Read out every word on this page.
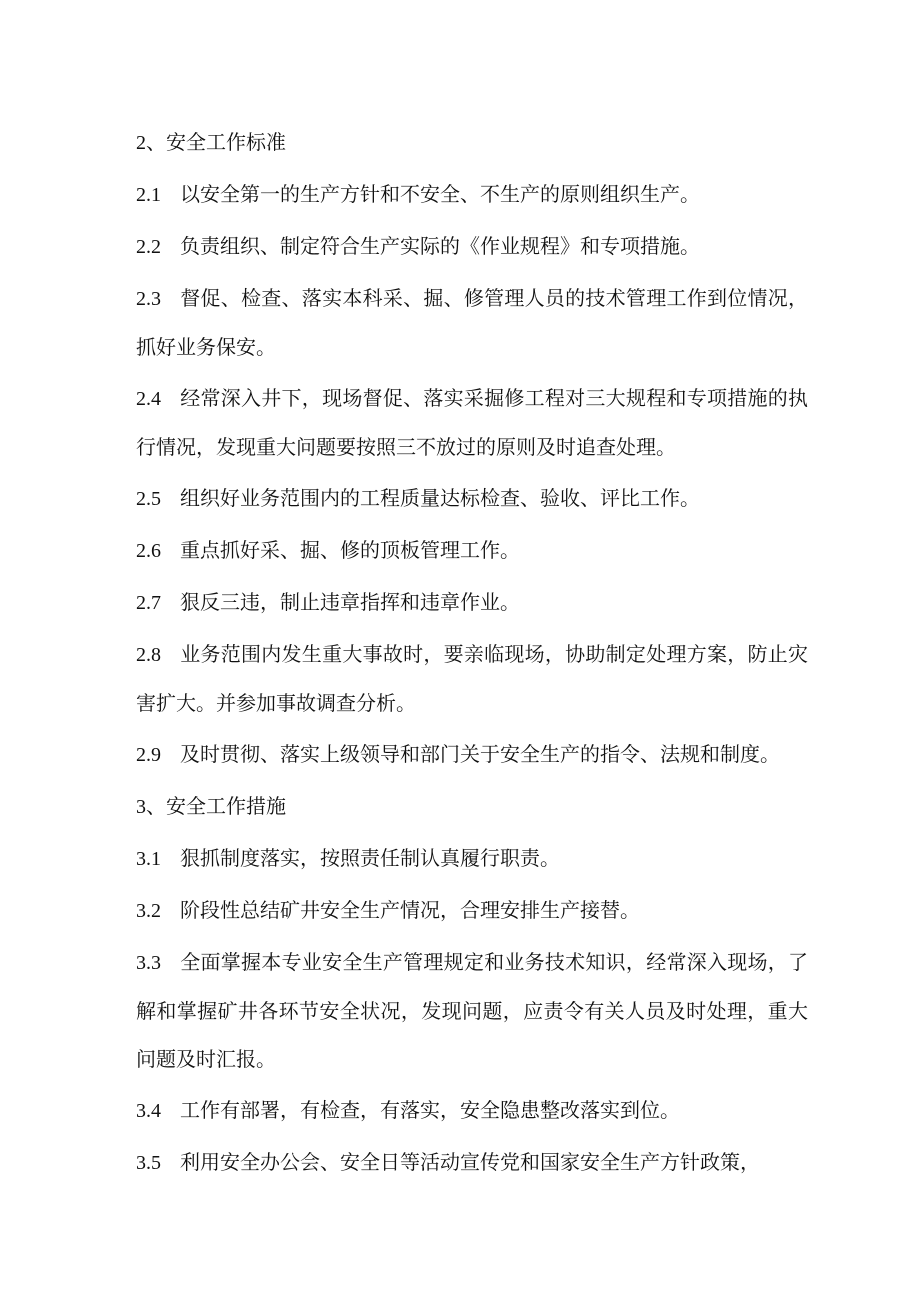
2、安全工作标准

2.1 以安全第一的生产方针和不安全、不生产的原则组织生产。

2.2 负责组织、制定符合生产实际的《作业规程》和专项措施。

2.3 督促、检查、落实本科采、掘、修管理人员的技术管理工作到位情况，抓好业务保安。

2.4 经常深入井下，现场督促、落实采掘修工程对三大规程和专项措施的执行情况，发现重大问题要按照三不放过的原则及时追查处理。

2.5 组织好业务范围内的工程质量达标检查、验收、评比工作。

2.6 重点抓好采、掘、修的顶板管理工作。

2.7 狠反三违，制止违章指挥和违章作业。

2.8 业务范围内发生重大事故时，要亲临现场，协助制定处理方案，防止灾害扩大。并参加事故调查分析。

2.9 及时贯彻、落实上级领导和部门关于安全生产的指令、法规和制度。

3、安全工作措施

3.1 狠抓制度落实，按照责任制认真履行职责。

3.2 阶段性总结矿井安全生产情况，合理安排生产接替。

3.3 全面掌握本专业安全生产管理规定和业务技术知识，经常深入现场，了解和掌握矿井各环节安全状况，发现问题，应责令有关人员及时处理，重大问题及时汇报。

3.4 工作有部署，有检查，有落实，安全隐患整改落实到位。

3.5 利用安全办公会、安全日等活动宣传党和国家安全生产方针政策，
